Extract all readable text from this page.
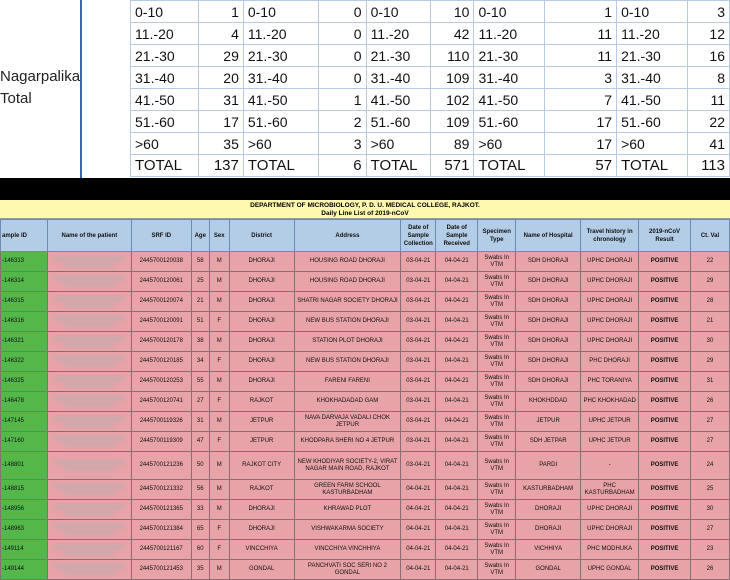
Nagarpalika
Total
0-10	1	0-10	0	0-10	10	0-10	1	0-10	3
11.-20	4	11.-20	0	11.-20	42	11.-20	11	11.-20	12
21.-30	29	21.-30	0	21.-30	110	21.-30	11	21.-30	16
31.-40	20	31.-40	0	31.-40	109	31.-40	3	31.-40	8
41.-50	31	41.-50	1	41.-50	102	41.-50	7	41.-50	11
51.-60	17	51.-60	2	51.-60	109	51.-60	17	51.-60	22
>60	35	>60	3	>60	89	>60	17	>60	41
TOTAL	137	TOTAL	6	TOTAL	571	TOTAL	57	TOTAL	113
DEPARTMENT OF MICROBIOLOGY, P. D. U. MEDICAL COLLEGE, RAJKOT.
Daily Line List of 2019-nCoV
ample ID	Name of the patient	SRF ID	Age	Sex	District	Address	Date of Sample Collection	Date of Sample Received	Specimen Type	Name of Hospital	Travel history in chronology	2019-nCoV Result	Ct. Val
-146313		2445700120038	58	M	DHORAJI	HOUSING ROAD DHORAJI	03-04-21	04-04-21	Swabs In VTM	SDH DHORAJI	UPHC DHORAJI	POSITIVE	22
-146314		2445700120061	25	M	DHORAJI	HOUSING ROAD DHORAJI	03-04-21	04-04-21	Swabs In VTM	SDH DHORAJI	UPHC DHORAJI	POSITIVE	29
-146315		2445700120074	21	M	DHORAJI	SHATRI NAGAR SOCIETY DHORAJI	03-04-21	04-04-21	Swabs In VTM	SDH DHORAJI	UPHC DHORAJI	POSITIVE	28
-146316		2445700120091	51	F	DHORAJI	NEW BUS STATION DHORAJI	03-04-21	04-04-21	Swabs In VTM	SDH DHORAJI	UPHC DHORAJI	POSITIVE	21
-146321		2445700120178	38	M	DHORAJI	STATION PLOT DHORAJI	03-04-21	04-04-21	Swabs In VTM	SDH DHORAJI	UPHC DHORAJI	POSITIVE	30
-146322		2445700120185	34	F	DHORAJI	NEW BUS STATION DHORAJI	03-04-21	04-04-21	Swabs In VTM	SDH DHORAJI	PHC DHORAJI	POSITIVE	29
-146325		2445700120253	55	M	DHORAJI	FARENI FARENI	03-04-21	04-04-21	Swabs In VTM	SDH DHORAJI	PHC TORANIYA	POSITIVE	31
-146478		2445700120741	27	F	RAJKOT	KHOKHADADAD GAM	03-04-21	04-04-21	Swabs In VTM	KHOKHDDAD	PHC KHOKHADAD	POSITIVE	26
-147145		2445700119326	31	M	JETPUR	NAVA DARVAJA VADALI CHOK JETPUR	03-04-21	04-04-21	Swabs In VTM	JETPUR	UPHC JETPUR	POSITIVE	27
-147160		2445700119309	47	F	JETPUR	KHODPARA SHERI NO 4 JETPUR	03-04-21	04-04-21	Swabs In VTM	SDH JETPAR	UPHC JETPUR	POSITIVE	27
-148801		2445700121236	50	M	RAJKOT CITY	NEW KHODIYAR SOCIETY-2, VIRAT NAGAR MAIN ROAD, RAJKOT	03-04-21	04-04-21	Swabs In VTM	PARDI	-	POSITIVE	24
-148815		2445700121332	56	M	RAJKOT	GREEN FARM SCHOOL KASTURBADHAM	04-04-21	04-04-21	Swabs In VTM	KASTURBADHAM	PHC KASTURBADHAM	POSITIVE	25
-148956		2445700121365	33	M	DHORAJI	KHRAWAD PLOT	04-04-21	04-04-21	Swabs In VTM	DHORAJI	UPHC DHORAJI	POSITIVE	30
-148963		2445700121384	65	F	DHORAJI	VISHWAKARMA SOCIETY	04-04-21	04-04-21	Swabs In VTM	DHORAJI	UPHC DHORAJI	POSITIVE	27
-149114		2445700121167	60	F	VINCCHIYA	VINCCHIYA VINCHHIYA	04-04-21	04-04-21	Swabs In VTM	VICHHIYA	PHC MODHUKA	POSITIVE	23
-149144		2445700121453	35	M	GONDAL	PANCHVATI SOC SERI NO 2 GONDAL	04-04-21	04-04-21	Swabs In VTM	GONDAL	UPHC GONDAL	POSITIVE	26
